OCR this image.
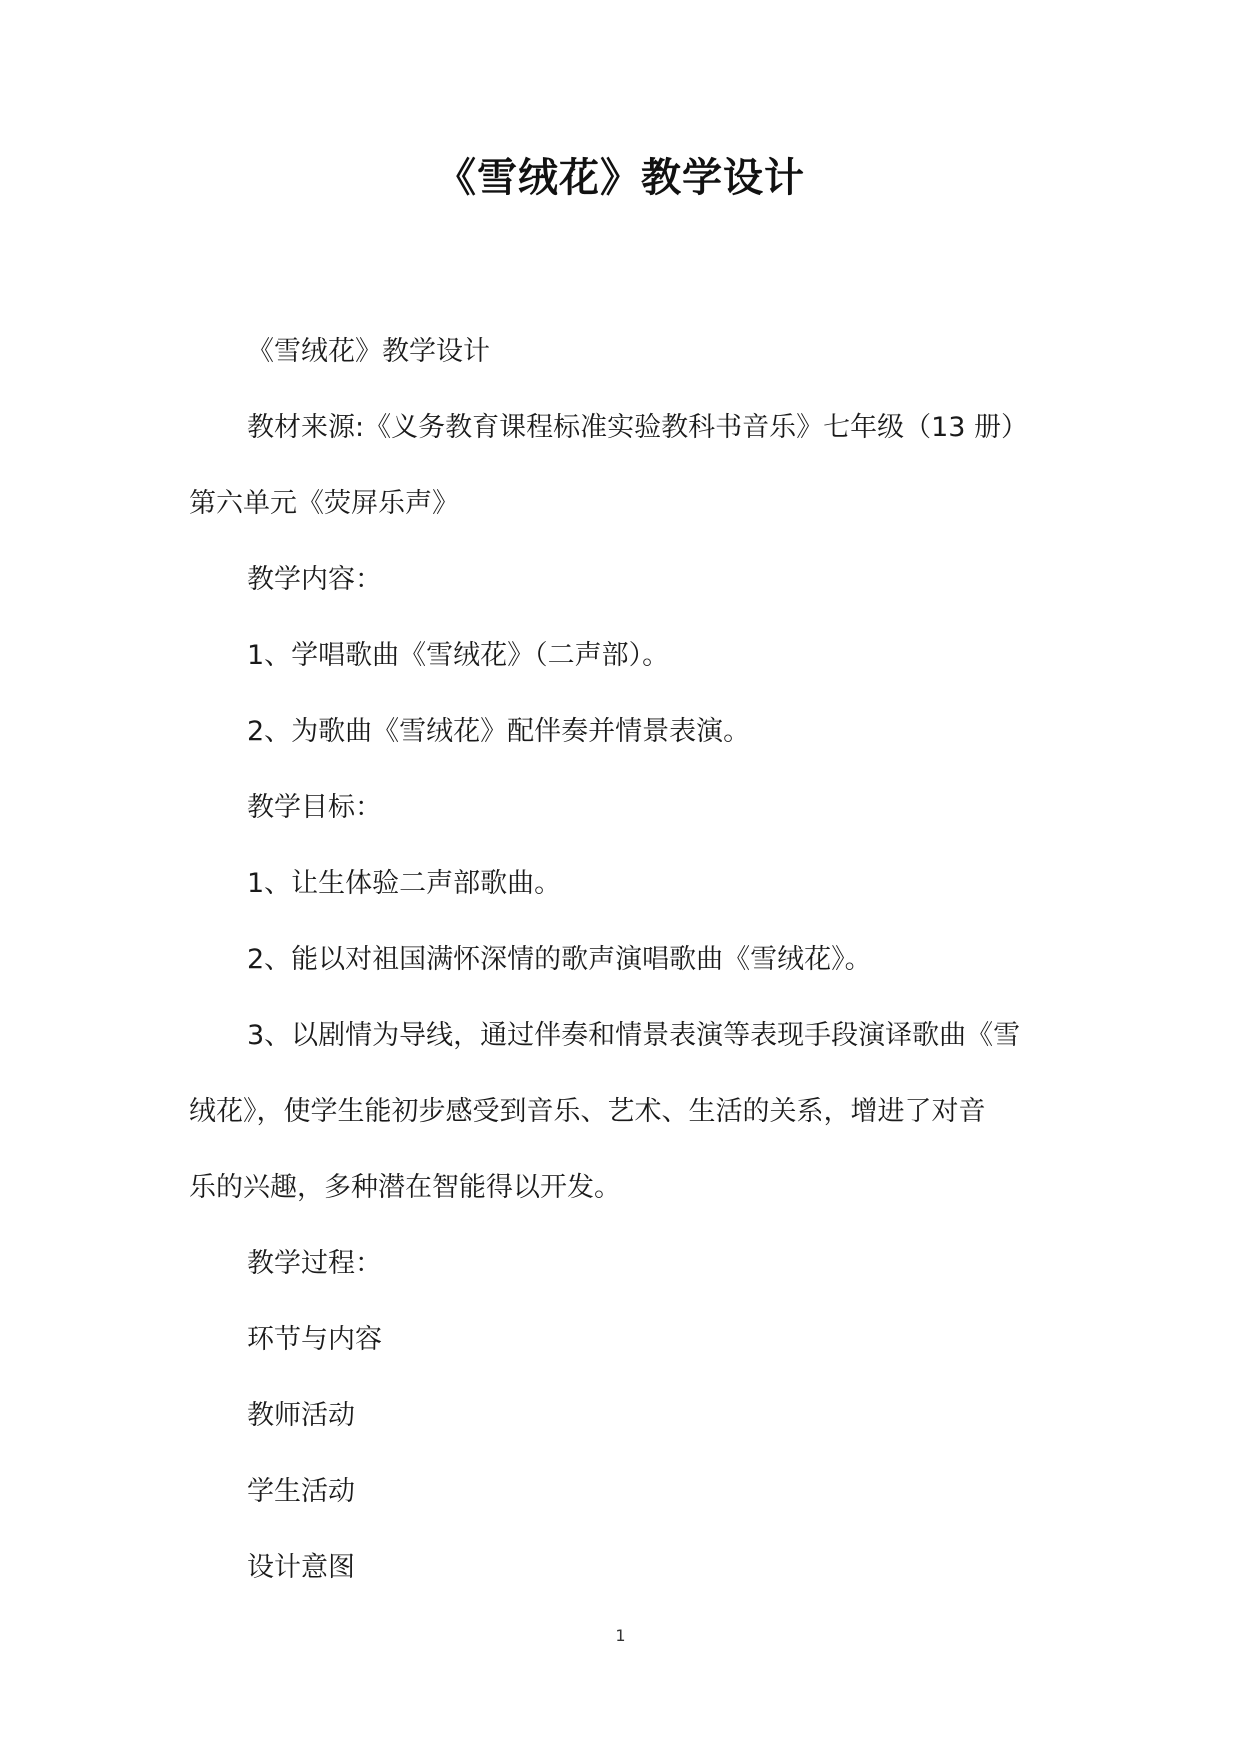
《雪绒花》教学设计
《雪绒花》教学设计
教材来源:《义务教育课程标准实验教科书音乐》七年级（13 册）
第六单元《荧屏乐声》
教学内容：
1、学唱歌曲《雪绒花》（二声部）。
2、为歌曲《雪绒花》配伴奏并情景表演。
教学目标：
1、让生体验二声部歌曲。
2、能以对祖国满怀深情的歌声演唱歌曲《雪绒花》。
3、以剧情为导线，通过伴奏和情景表演等表现手段演译歌曲《雪
绒花》，使学生能初步感受到音乐、艺术、生活的关系，增进了对音
乐的兴趣，多种潜在智能得以开发。
教学过程：
环节与内容
教师活动
学生活动
设计意图
1
